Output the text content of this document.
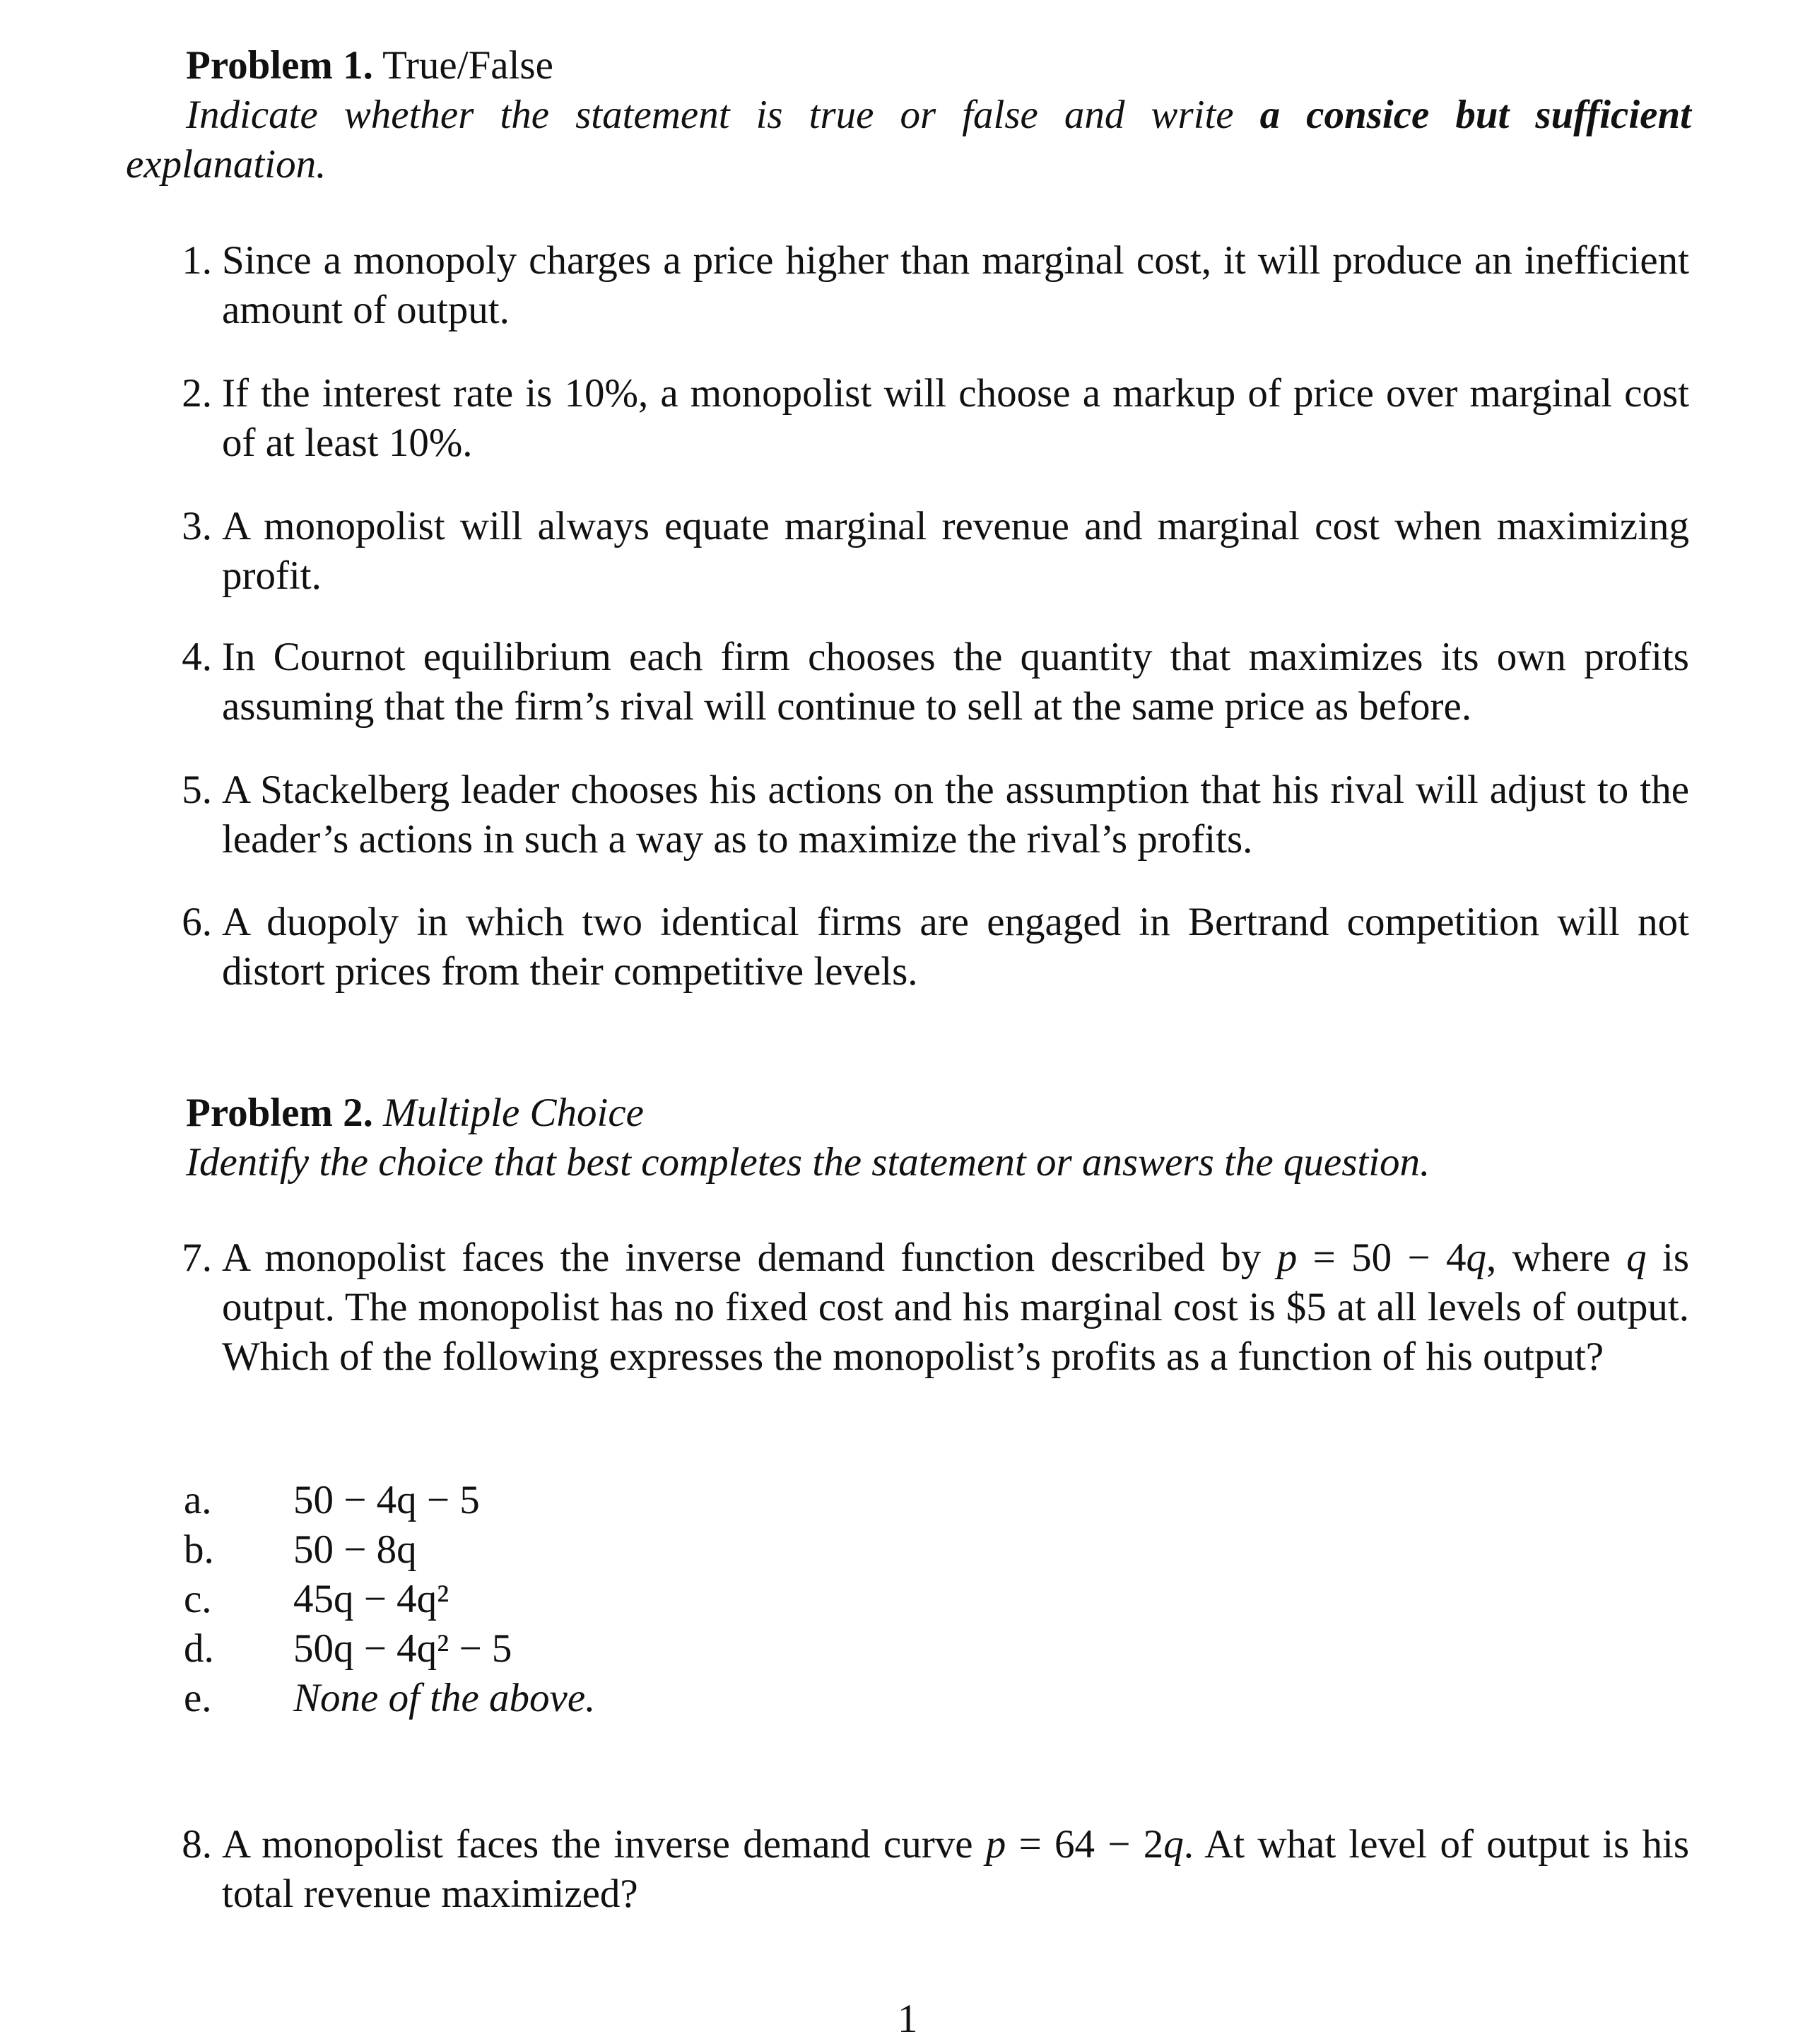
Problem 1. True/False
Indicate whether the statement is true or false and write a consice but sufficient
explanation.
1. Since a monopoly charges a price higher than marginal cost, it will produce an inefficient amount of output.
2. If the interest rate is 10%, a monopolist will choose a markup of price over marginal cost of at least 10%.
3. A monopolist will always equate marginal revenue and marginal cost when maximizing profit.
4. In Cournot equilibrium each firm chooses the quantity that maximizes its own profits assuming that the firm’s rival will continue to sell at the same price as before.
5. A Stackelberg leader chooses his actions on the assumption that his rival will adjust to the leader’s actions in such a way as to maximize the rival’s profits.
6. A duopoly in which two identical firms are engaged in Bertrand competition will not distort prices from their competitive levels.
Problem 2. Multiple Choice
Identify the choice that best completes the statement or answers the question.
7. A monopolist faces the inverse demand function described by p = 50 − 4q, where q is output. The monopolist has no fixed cost and his marginal cost is $5 at all levels of output. Which of the following expresses the monopolist’s profits as a function of his output?
a. 50 − 4q − 5
b. 50 − 8q
c. 45q − 4q²
d. 50q − 4q² − 5
e. None of the above.
8. A monopolist faces the inverse demand curve p = 64 − 2q. At what level of output is his total revenue maximized?
1
